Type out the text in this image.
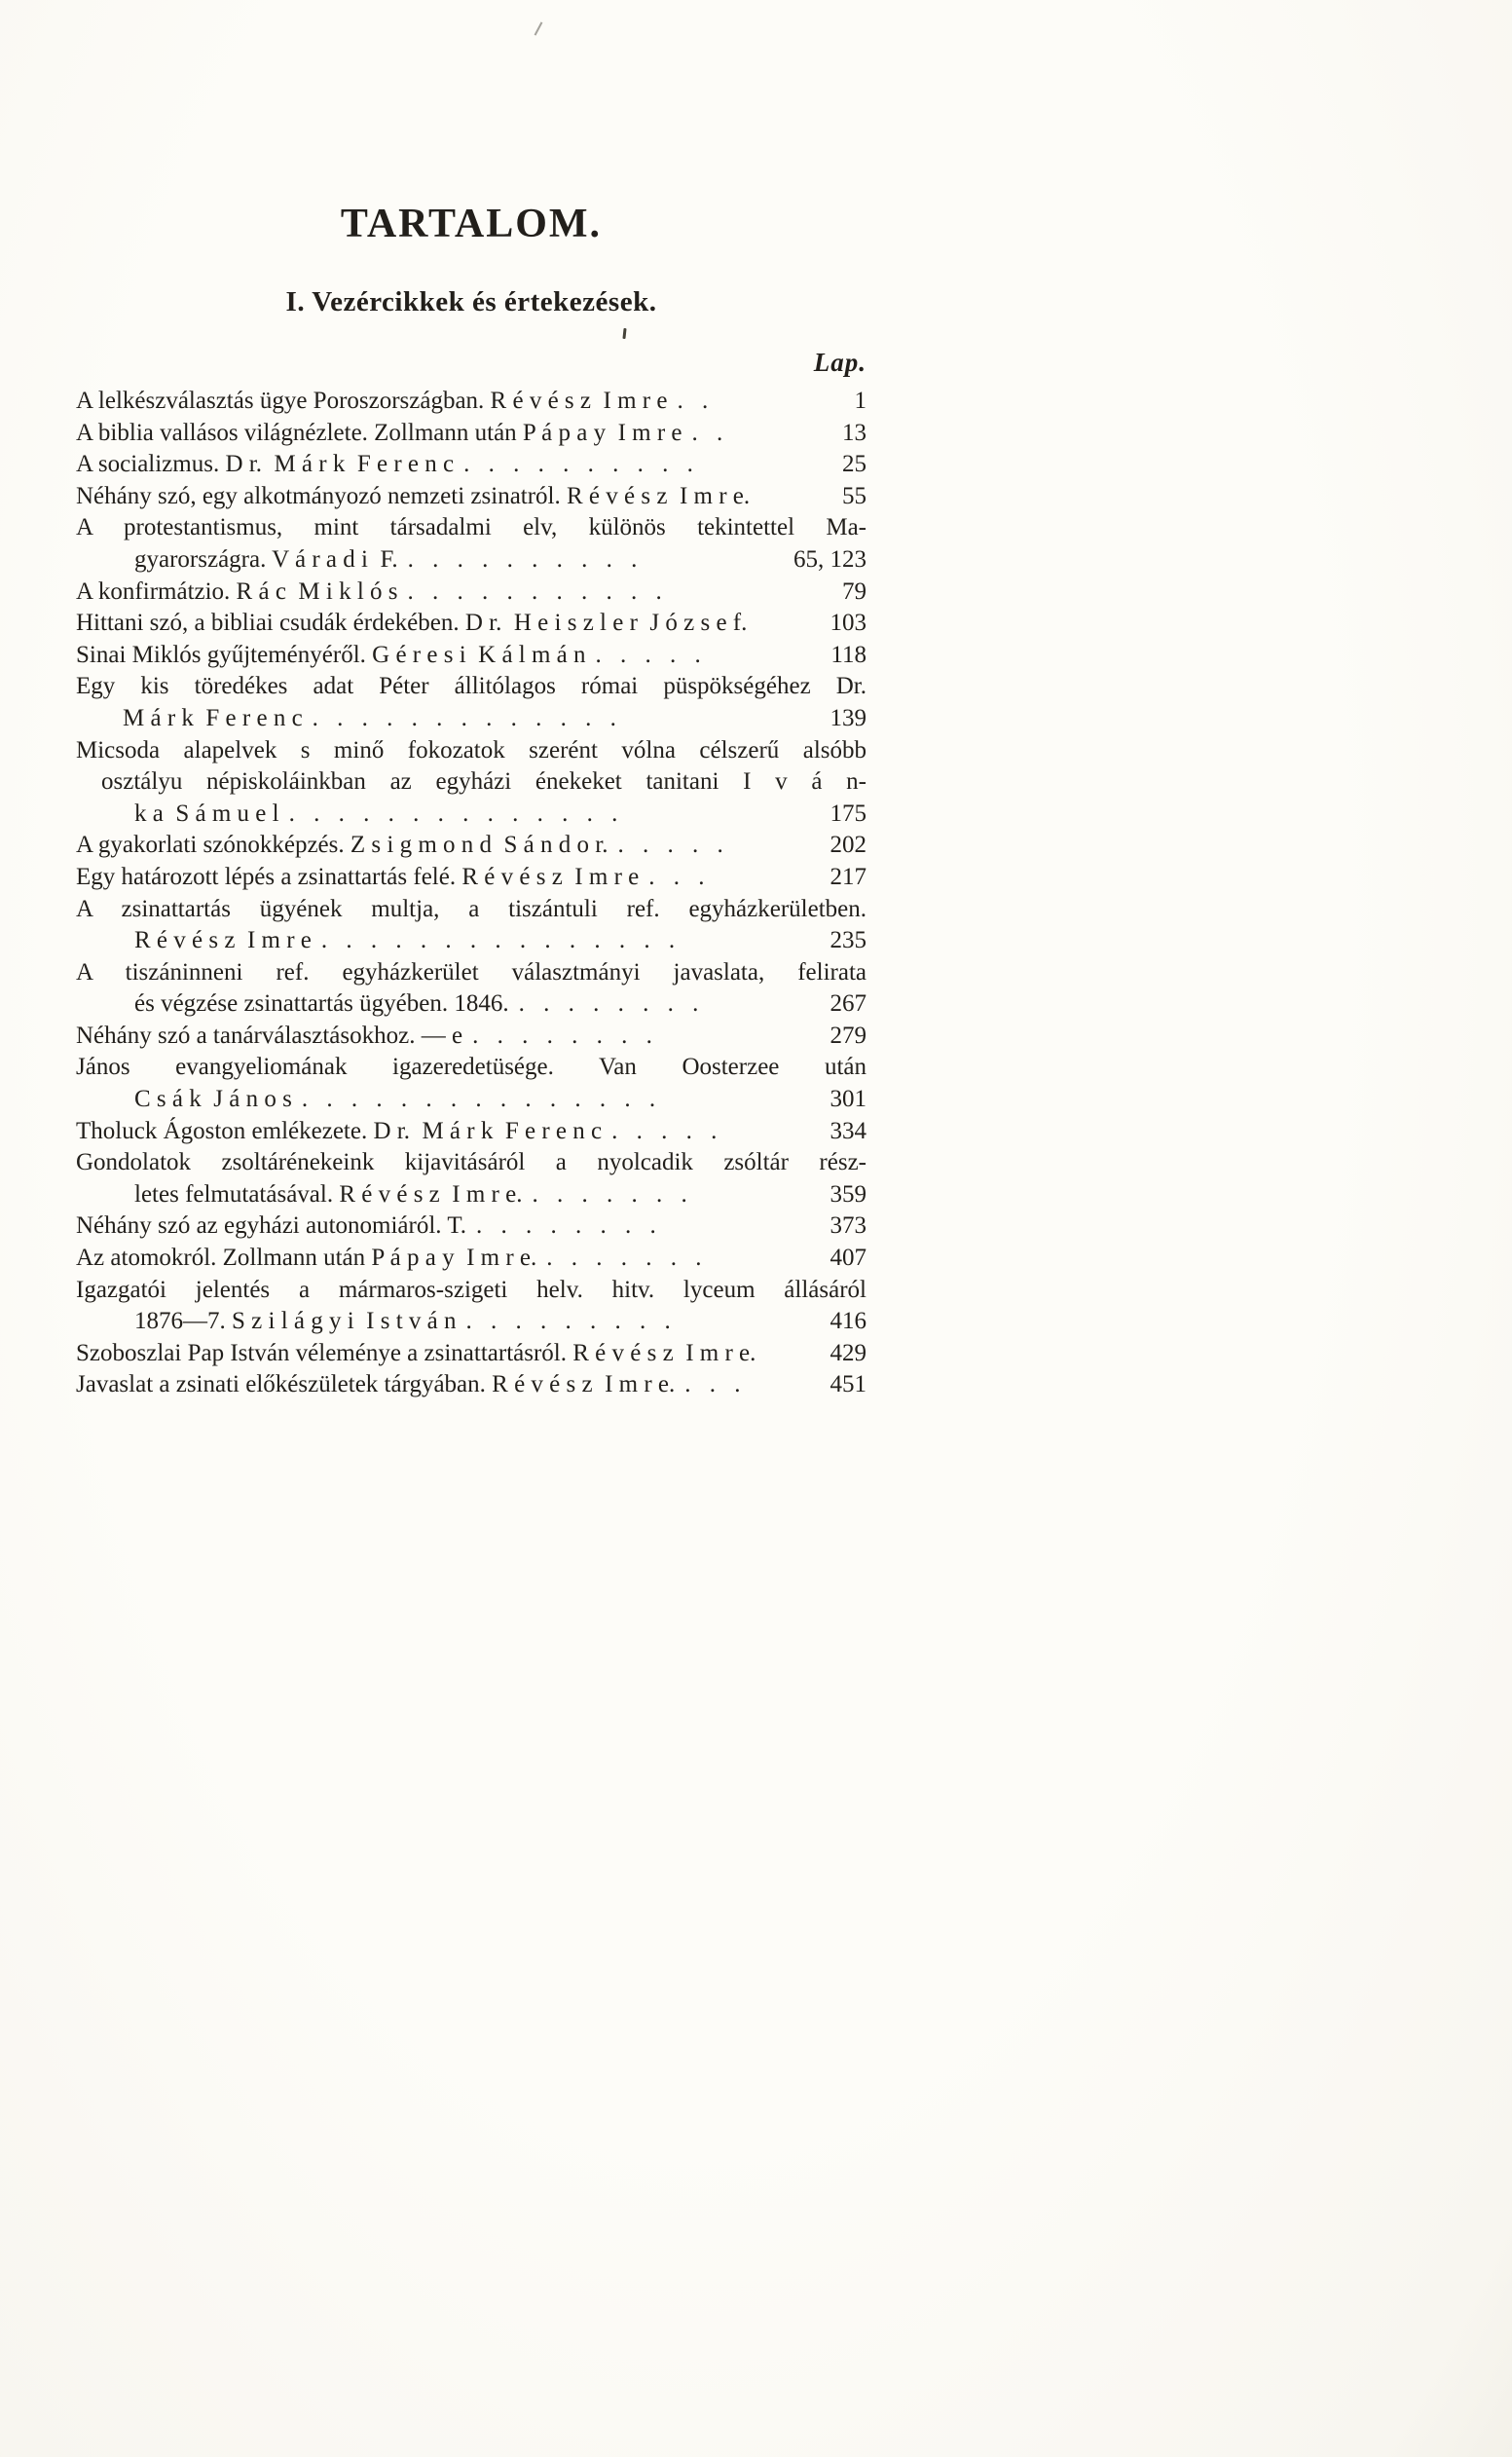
TARTALOM.
I. Vezércikkek és értekezések.
Lap.
A lelkészválasztás ügye Poroszországban. R é v é s z  I m r e . .	1
A biblia vallásos világnézlete. Zollmann után P á p a y  I m r e . .	13
A socializmus. D r.  M á r k  F e r e n c . . . . . . . . . .	25
Néhány szó, egy alkotmányozó nemzeti zsinatról. R é v é s z  I m r e.	55
A protestantismus, mint társadalmi elv, különös tekintettel Ma-
gyarországra. V á r a d i  F. . . . . . . . . . .	65, 123
A konfirmátzio. R á c  M i k l ó s . . . . . . . . . . .	79
Hittani szó, a bibliai csudák érdekében. D r.  H e i s z l e r  J ó z s e f.	103
Sinai Miklós gyűjteményéről. G é r e s i  K á l m á n . . . . .	118
Egy kis töredékes adat Péter állitólagos római püspökségéhez Dr.
M á r k  F e r e n c . . . . . . . . . . . . .	139
Micsoda alapelvek s minő fokozatok szerént vólna célszerű alsóbb
osztályu népiskoláinkban az egyházi énekeket tanitani I v á n-
k a  S á m u e l . . . . . . . . . . . . . .	175
A gyakorlati szónokképzés. Z s i g m o n d  S á n d o r. . . . . .	202
Egy határozott lépés a zsinattartás felé. R é v é s z  I m r e . . .	217
A zsinattartás ügyének multja, a tiszántuli ref. egyházkerületben.
R é v é s z  I m r e . . . . . . . . . . . . . . .	235
A tiszáninneni ref. egyházkerület választmányi javaslata, felirata
és végzése zsinattartás ügyében. 1846. . . . . . . . .	267
Néhány szó a tanárválasztásokhoz. — e . . . . . . . .	279
János evangyeliomának igazeredetüsége. Van Oosterzee után
C s á k  J á n o s . . . . . . . . . . . . . . .	301
Tholuck Ágoston emlékezete. D r.  M á r k  F e r e n c . . . . .	334
Gondolatok zsoltárénekeink kijavitásáról a nyolcadik zsóltár rész-
letes felmutatásával. R é v é s z  I m r e. . . . . . . .	359
Néhány szó az egyházi autonomiáról. T. . . . . . . . .	373
Az atomokról. Zollmann után P á p a y  I m r e. . . . . . . .	407
Igazgatói jelentés a mármaros-szigeti helv. hitv. lyceum állásáról
1876—7. S z i l á g y i  I s t v á n . . . . . . . . .	416
Szoboszlai Pap István véleménye a zsinattartásról. R é v é s z  I m r e.	429
Javaslat a zsinati előkészületek tárgyában. R é v é s z  I m r e. . . .	451
